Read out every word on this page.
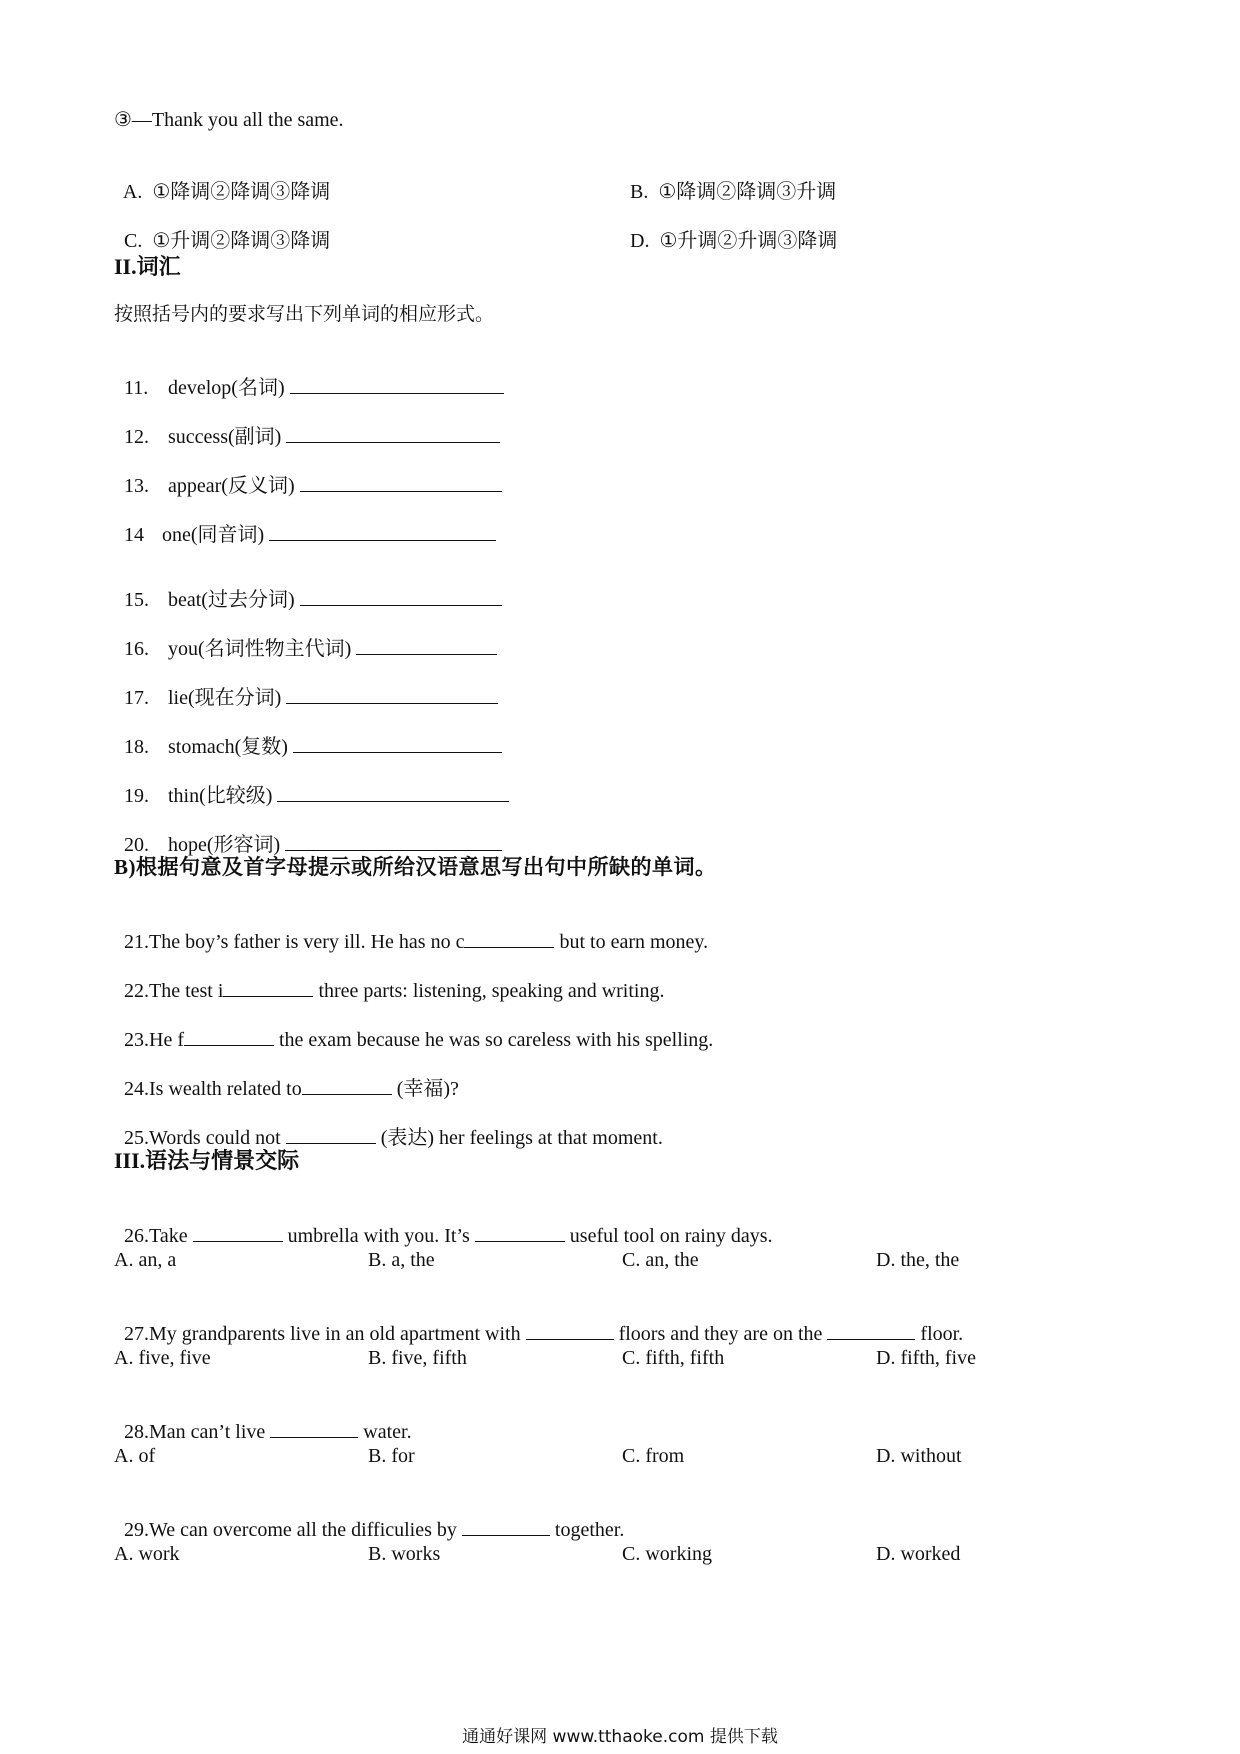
③—Thank you all the same.

A. ①降调②降调③降调	B. ①降调②降调③升调

C. ①升调②降调③降调	D. ①升调②升调③降调

II.词汇
按照括号内的要求写出下列单词的相应形式。

11. develop(名词)

12. success(副词)

13. appear(反义词)

14 one(同音词)

15. beat(过去分词)

16. you(名词性物主代词)

17. lie(现在分词)

18. stomach(复数)

19. thin(比较级)

20. hope(形容词)

B)根据句意及首字母提示或所给汉语意思写出句中所缺的单词。

21.The boy’s father is very ill. He has no c	but to earn money.

22.The test i	three parts: listening, speaking and writing.

23.He f	the exam because he was so careless with his spelling.

24.Is wealth related to	(幸福)?

25.Words could not	(表达) her feelings at that moment.

III.语法与情景交际

26.Take	umbrella with you. It’s	useful tool on rainy days.

A. an, a	B. a, the	C. an, the	D. the, the

27.My grandparents live in an old apartment with	floors and they are on the	floor.

A. five, five	B. five, fifth	C. fifth, fifth	D. fifth, five

28.Man can’t live	water.

A. of	B. for	C. from	D. without

29.We can overcome all the difficulies by	together.

A. work	B. works	C. working	D. worked
通通好课网 www.tthaoke.com 提供下载
